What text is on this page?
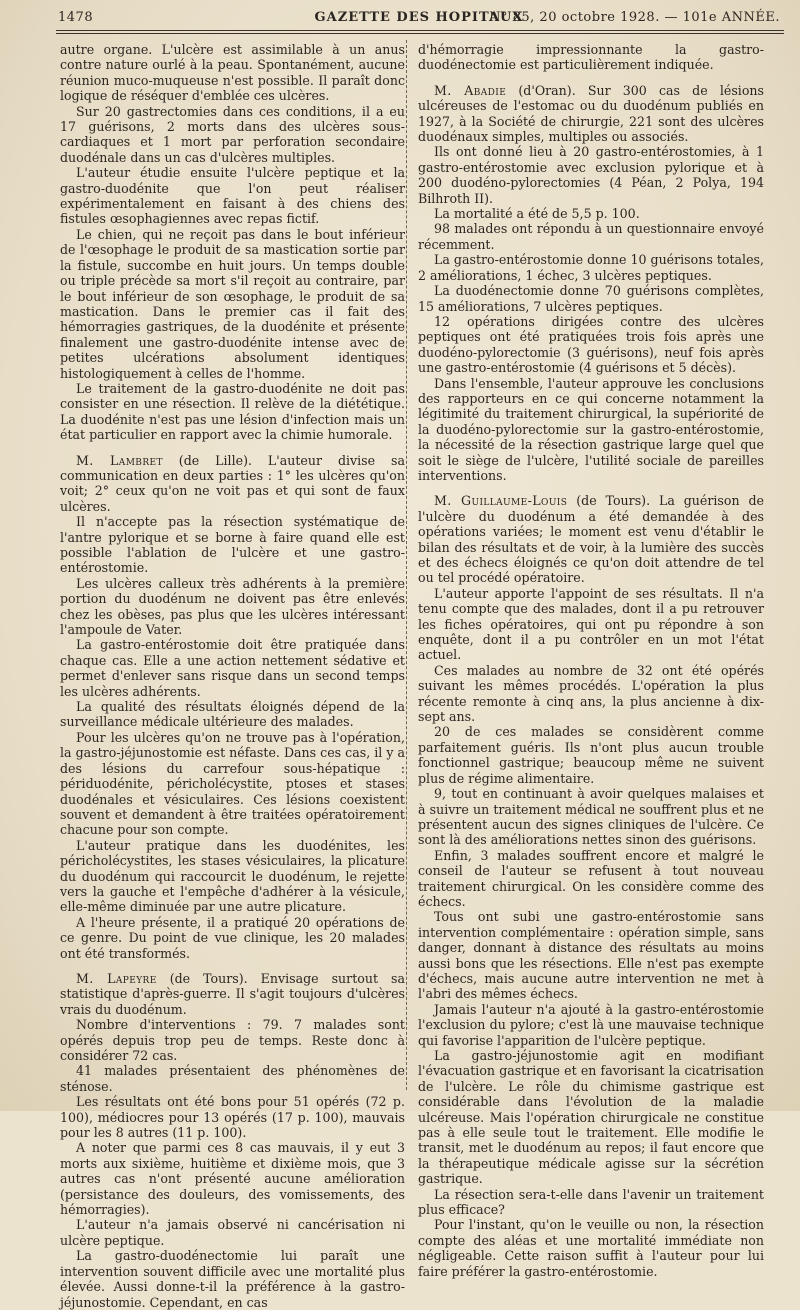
1478	GAZETTE DES HOPITAUX
N° 85, 20 octobre 1928. — 101e ANNÉE.

autre organe. L'ulcère est assimilable à un anus contre nature ourlé à la peau. Spontanément, aucune réunion muco-muqueuse n'est possible. Il paraît donc logique de réséquer d'emblée ces ulcères.

Sur 20 gastrectomies dans ces conditions, il a eu 17 guérisons, 2 morts dans des ulcères sous-cardiaques et 1 mort par perforation secondaire duodénale dans un cas d'ulcères multiples.

L'auteur étudie ensuite l'ulcère peptique et la gastro-duodénite que l'on peut réaliser expérimentalement en faisant à des chiens des fistules œsophagiennes avec repas fictif.

Le chien, qui ne reçoit pas dans le bout inférieur de l'œsophage le produit de sa mastication sortie par la fistule, succombe en huit jours. Un temps double ou triple précède sa mort s'il reçoit au contraire, par le bout inférieur de son œsophage, le produit de sa mastication. Dans le premier cas il fait des hémorragies gastriques, de la duodénite et présente finalement une gastro-duodénite intense avec de petites ulcérations absolument identiques histologiquement à celles de l'homme.

Le traitement de la gastro-duodénite ne doit pas consister en une résection. Il relève de la diététique. La duodénite n'est pas une lésion d'infection mais un état particulier en rapport avec la chimie humorale.

M. Lambret (de Lille). L'auteur divise sa communication en deux parties : 1° les ulcères qu'on voit; 2° ceux qu'on ne voit pas et qui sont de faux ulcères.

Il n'accepte pas la résection systématique de l'antre pylorique et se borne à faire quand elle est possible l'ablation de l'ulcère et une gastro-entérostomie.

Les ulcères calleux très adhérents à la première portion du duodénum ne doivent pas être enlevés chez les obèses, pas plus que les ulcères intéressant l'ampoule de Vater.

La gastro-entérostomie doit être pratiquée dans chaque cas. Elle a une action nettement sédative et permet d'enlever sans risque dans un second temps les ulcères adhérents.

La qualité des résultats éloignés dépend de la surveillance médicale ultérieure des malades.

Pour les ulcères qu'on ne trouve pas à l'opération, la gastro-jéjunostomie est néfaste. Dans ces cas, il y a des lésions du carrefour sous-hépatique : périduodénite, péricholécystite, ptoses et stases duodénales et vésiculaires. Ces lésions coexistent souvent et demandent à être traitées opératoirement chacune pour son compte.

L'auteur pratique dans les duodénites, les péricholécystites, les stases vésiculaires, la plicature du duodénum qui raccourcit le duodénum, le rejette vers la gauche et l'empêche d'adhérer à la vésicule, elle-même diminuée par une autre plicature.

A l'heure présente, il a pratiqué 20 opérations de ce genre. Du point de vue clinique, les 20 malades ont été transformés.

M. Lapeyre (de Tours). Envisage surtout sa statistique d'après-guerre. Il s'agit toujours d'ulcères vrais du duodénum.

Nombre d'interventions : 79. 7 malades sont opérés depuis trop peu de temps. Reste donc à considérer 72 cas.

41 malades présentaient des phénomènes de sténose.

Les résultats ont été bons pour 51 opérés (72 p. 100), médiocres pour 13 opérés (17 p. 100), mauvais pour les 8 autres (11 p. 100).

A noter que parmi ces 8 cas mauvais, il y eut 3 morts aux sixième, huitième et dixième mois, que 3 autres cas n'ont présenté aucune amélioration (persistance des douleurs, des vomissements, des hémorragies).

L'auteur n'a jamais observé ni cancérisation ni ulcère peptique.

La gastro-duodénectomie lui paraît une intervention souvent difficile avec une mortalité plus élevée. Aussi donne-t-il la préférence à la gastro-jéjunostomie. Cependant, en cas

d'hémorragie impressionnante la gastro-duodénectomie est particulièrement indiquée.

M. Abadie (d'Oran). Sur 300 cas de lésions ulcéreuses de l'estomac ou du duodénum publiés en 1927, à la Société de chirurgie, 221 sont des ulcères duodénaux simples, multiples ou associés.

Ils ont donné lieu à 20 gastro-entérostomies, à 1 gastro-entérostomie avec exclusion pylorique et à 200 duodéno-pylorectomies (4 Péan, 2 Polya, 194 Bilhroth II).

La mortalité a été de 5,5 p. 100.

98 malades ont répondu à un questionnaire envoyé récemment.

La gastro-entérostomie donne 10 guérisons totales, 2 améliorations, 1 échec, 3 ulcères peptiques.

La duodénectomie donne 70 guérisons complètes, 15 améliorations, 7 ulcères peptiques.

12 opérations dirigées contre des ulcères peptiques ont été pratiquées trois fois après une duodéno-pylorectomie (3 guérisons), neuf fois après une gastro-entérostomie (4 guérisons et 5 décès).

Dans l'ensemble, l'auteur approuve les conclusions des rapporteurs en ce qui concerne notamment la légitimité du traitement chirurgical, la supériorité de la duodéno-pylorectomie sur la gastro-entérostomie, la nécessité de la résection gastrique large quel que soit le siège de l'ulcère, l'utilité sociale de pareilles interventions.

M. Guillaume-Louis (de Tours). La guérison de l'ulcère du duodénum a été demandée à des opérations variées; le moment est venu d'établir le bilan des résultats et de voir, à la lumière des succès et des échecs éloignés ce qu'on doit attendre de tel ou tel procédé opératoire.

L'auteur apporte l'appoint de ses résultats. Il n'a tenu compte que des malades, dont il a pu retrouver les fiches opératoires, qui ont pu répondre à son enquête, dont il a pu contrôler en un mot l'état actuel.

Ces malades au nombre de 32 ont été opérés suivant les mêmes procédés. L'opération la plus récente remonte à cinq ans, la plus ancienne à dix-sept ans.

20 de ces malades se considèrent comme parfaitement guéris. Ils n'ont plus aucun trouble fonctionnel gastrique; beaucoup même ne suivent plus de régime alimentaire.

9, tout en continuant à avoir quelques malaises et à suivre un traitement médical ne souffrent plus et ne présentent aucun des signes cliniques de l'ulcère. Ce sont là des améliorations nettes sinon des guérisons.

Enfin, 3 malades souffrent encore et malgré le conseil de l'auteur se refusent à tout nouveau traitement chirurgical. On les considère comme des échecs.

Tous ont subi une gastro-entérostomie sans intervention complémentaire : opération simple, sans danger, donnant à distance des résultats au moins aussi bons que les résections. Elle n'est pas exempte d'échecs, mais aucune autre intervention ne met à l'abri des mêmes échecs.

Jamais l'auteur n'a ajouté à la gastro-entérostomie l'exclusion du pylore; c'est là une mauvaise technique qui favorise l'apparition de l'ulcère peptique.

La gastro-jéjunostomie agit en modifiant l'évacuation gastrique et en favorisant la cicatrisation de l'ulcère. Le rôle du chimisme gastrique est considérable dans l'évolution de la maladie ulcéreuse. Mais l'opération chirurgicale ne constitue pas à elle seule tout le traitement. Elle modifie le transit, met le duodénum au repos; il faut encore que la thérapeutique médicale agisse sur la sécrétion gastrique.

La résection sera-t-elle dans l'avenir un traitement plus efficace?

Pour l'instant, qu'on le veuille ou non, la résection compte des aléas et une mortalité immédiate non négligeable. Cette raison suffit à l'auteur pour lui faire préférer la gastro-entérostomie.
